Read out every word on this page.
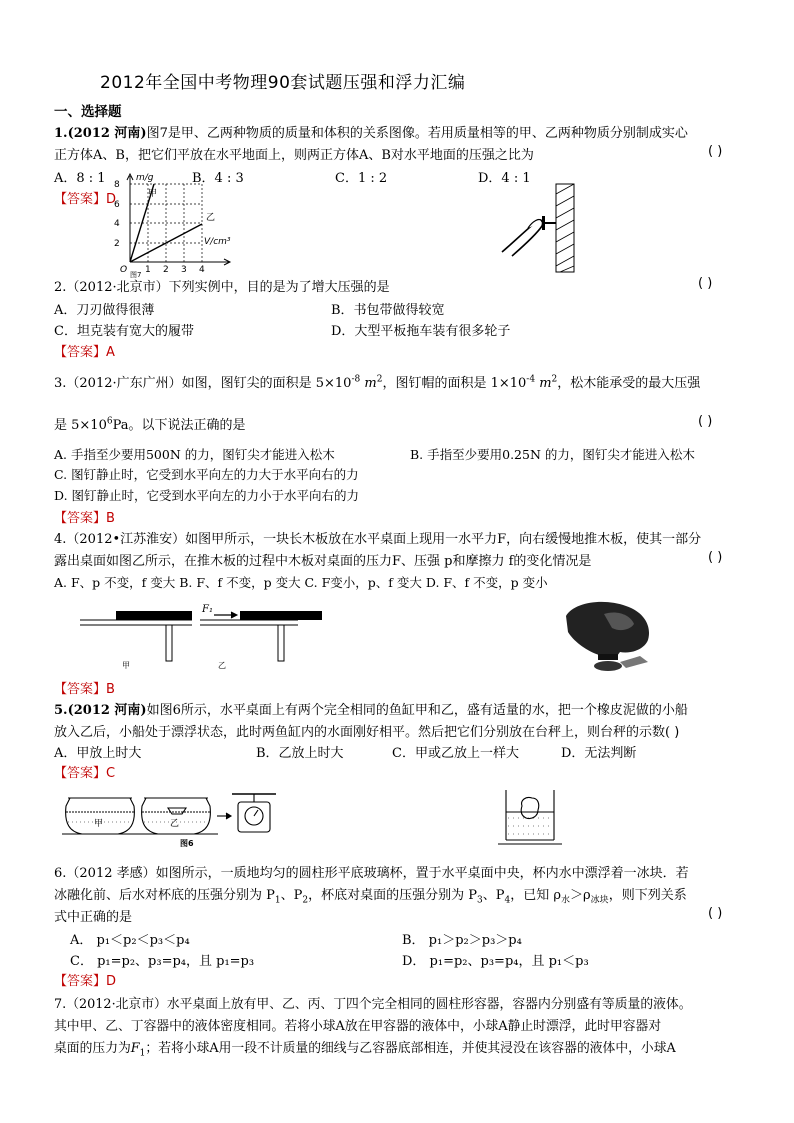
2012年全国中考物理90套试题压强和浮力汇编
一、选择题
1.(2012 河南)图7是甲、乙两种物质的质量和体积的关系图像。若用质量相等的甲、乙两种物质分别制成实心
正方体A、B，把它们平放在水平地面上，则两正方体A、B对水平地面的压强之比为	( )
A．8 : 1	B．4 : 3	C．1 : 2	D．4 : 1
【答案】D
m/g
8
6
4
2
1 2 3 4
O
甲
乙
V/cm³
图7
2.（2012·北京市）下列实例中，目的是为了增大压强的是	( )
A．刀刃做得很薄	B．书包带做得较宽
C．坦克装有宽大的履带	D．大型平板拖车装有很多轮子
【答案】A
3.（2012·广东广州）如图，图钉尖的面积是 $5\times 10^{-8}$ $m^2$，图钉帽的面积是 $1\times 10^{-4}$ $m^2$，松木能承受的最大压强
是 $5\times 10^6Pa$。以下说法正确的是	( )
A. 手指至少要用500N 的力，图钉尖才能进入松木	B. 手指至少要用0.25N 的力，图钉尖才能进入松木
C. 图钉静止时，它受到水平向左的力大于水平向右的力
D. 图钉静止时，它受到水平向左的力小于水平向右的力
【答案】B
4.（2012•江苏淮安）如图甲所示，一块长木板放在水平桌面上现用一水平力F，向右缓慢地推木板，使其一部分
露出桌面如图乙所示，在推木板的过程中木板对桌面的压力F、压强 p和摩擦力 f的变化情况是	( )
A. F、p 不变，f 变大 B. F、f 不变，p 变大 C. F变小，p、f 变大 D. F、f 不变，p 变小
F₁
甲	乙
【答案】B
5.(2012 河南)如图6所示，水平桌面上有两个完全相同的鱼缸甲和乙，盛有适量的水，把一个橡皮泥做的小船
放入乙后，小船处于漂浮状态，此时两鱼缸内的水面刚好相平。然后把它们分别放在台秤上，则台秤的示数( )
A．甲放上时大	B．乙放上时大	C．甲或乙放上一样大	D．无法判断
【答案】C
甲	乙
图6
6.（2012 孝感）如图所示，一质地均匀的圆柱形平底玻璃杯，置于水平桌面中央，杯内水中漂浮着一冰块．若
冰融化前、后水对杯底的压强分别为 $P_1$、$P_2$，杯底对桌面的压强分别为 $P_3$、$P_4$，已知 $\rho_水>\rho_{冰块}$，则下列关系
式中正确的是	( )
A． p₁＜p₂＜p₃＜p₄	B． p₁＞p₂＞p₃＞p₄
C． p₁=p₂、p₃=p₄，且 p₁=p₃	D． p₁=p₂、p₃=p₄，且 p₁＜p₃
【答案】D
7.（2012·北京市）水平桌面上放有甲、乙、丙、丁四个完全相同的圆柱形容器，容器内分别盛有等质量的液体。
其中甲、乙、丁容器中的液体密度相同。若将小球A放在甲容器的液体中，小球A静止时漂浮，此时甲容器对
桌面的压力为$F_1$；若将小球A用一段不计质量的细线与乙容器底部相连，并使其浸没在该容器的液体中，小球A
